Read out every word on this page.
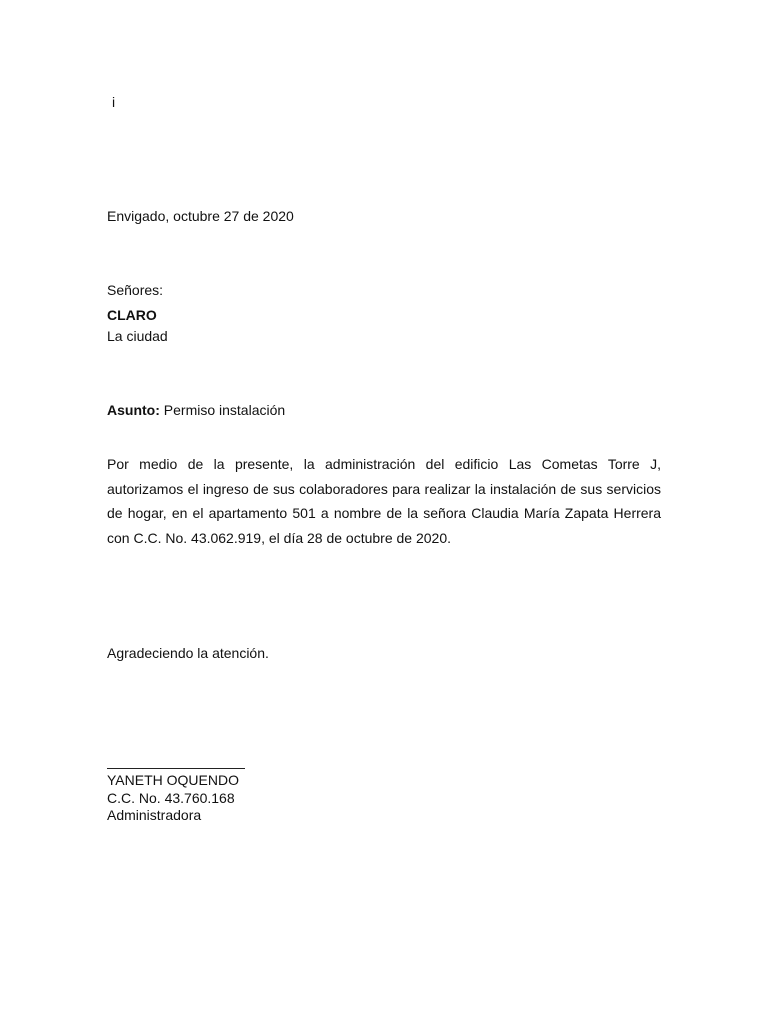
i
Envigado, octubre 27 de 2020
Señores:
CLARO
La ciudad
Asunto: Permiso instalación
Por medio de la presente, la administración del edificio Las Cometas Torre J, autorizamos el ingreso de sus colaboradores para realizar la instalación de sus servicios de hogar, en el apartamento 501 a nombre de la señora Claudia María Zapata Herrera con C.C. No. 43.062.919, el día 28 de octubre de 2020.
Agradeciendo la atención.
YANETH OQUENDO
C.C. No. 43.760.168
Administradora
